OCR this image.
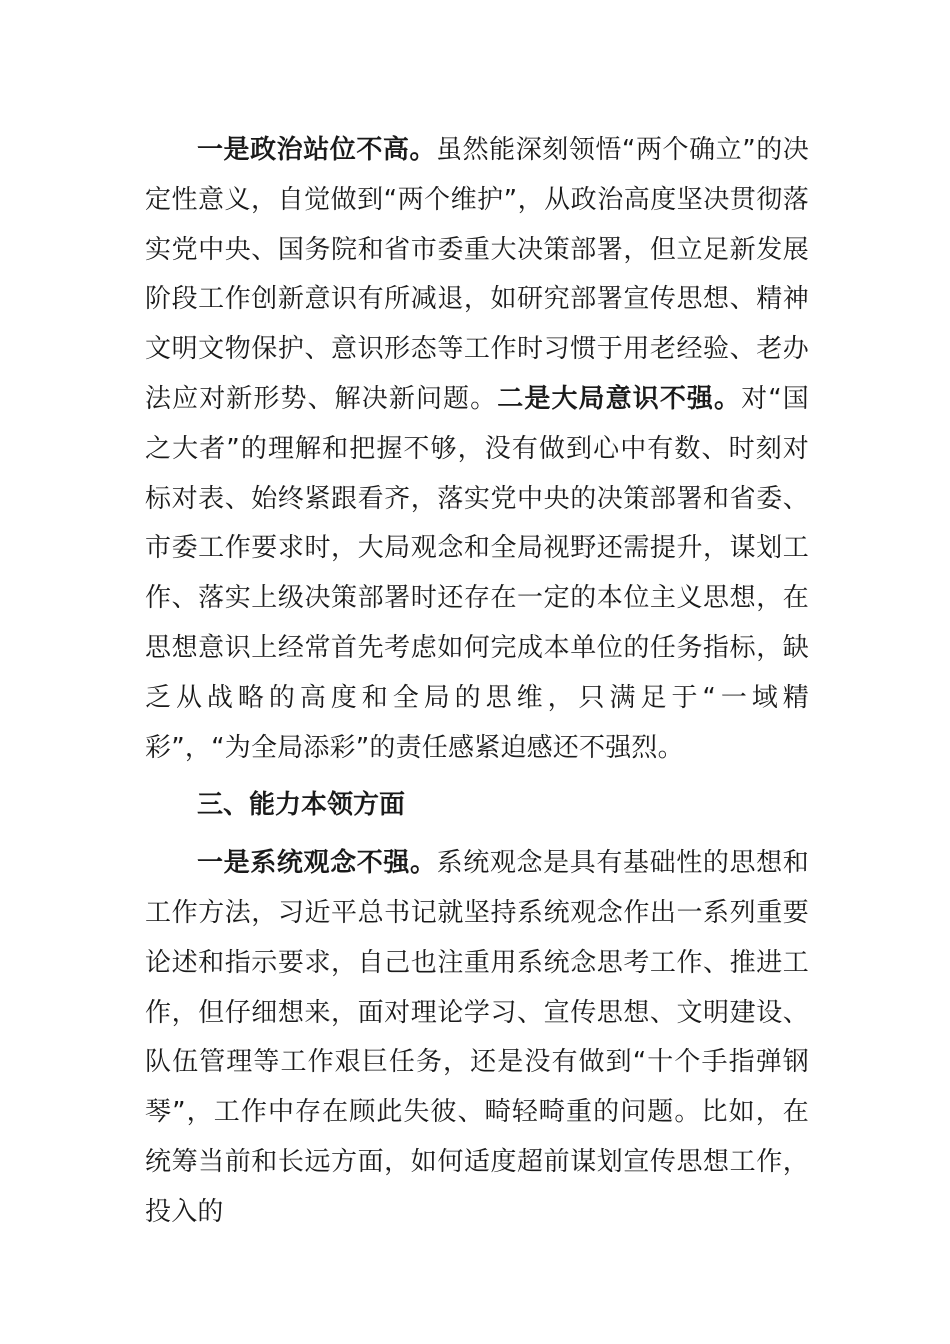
一是政治站位不高。虽然能深刻领悟“两个确立”的决定性意义，自觉做到“两个维护”，从政治高度坚决贯彻落实党中央、国务院和省市委重大决策部署，但立足新发展阶段工作创新意识有所减退，如研究部署宣传思想、精神文明文物保护、意识形态等工作时习惯于用老经验、老办法应对新形势、解决新问题。二是大局意识不强。对“国之大者”的理解和把握不够，没有做到心中有数、时刻对标对表、始终紧跟看齐，落实党中央的决策部署和省委、市委工作要求时，大局观念和全局视野还需提升，谋划工作、落实上级决策部署时还存在一定的本位主义思想，在思想意识上经常首先考虑如何完成本单位的任务指标，缺乏从战略的高度和全局的思维，只满足于“一域精彩”，“为全局添彩”的责任感紧迫感还不强烈。

三、能力本领方面

一是系统观念不强。系统观念是具有基础性的思想和工作方法，习近平总书记就坚持系统观念作出一系列重要论述和指示要求，自己也注重用系统念思考工作、推进工作，但仔细想来，面对理论学习、宣传思想、文明建设、队伍管理等工作艰巨任务，还是没有做到“十个手指弹钢琴”，工作中存在顾此失彼、畸轻畸重的问题。比如，在统筹当前和长远方面，如何适度超前谋划宣传思想工作，投入的
